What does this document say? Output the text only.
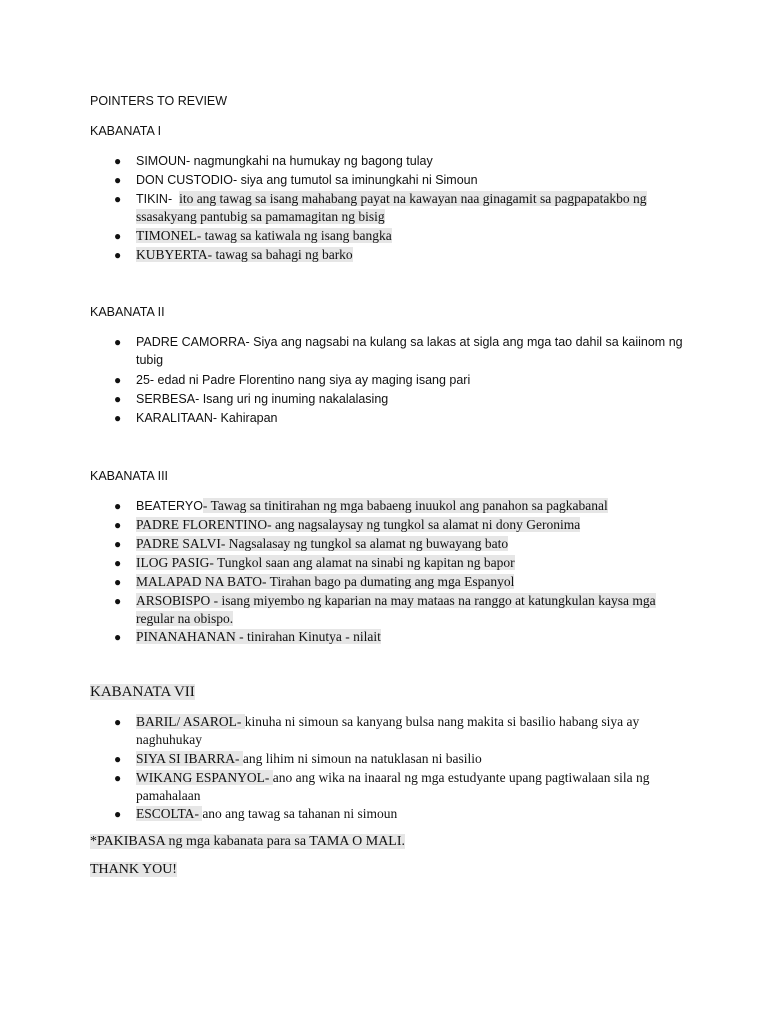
POINTERS TO REVIEW
KABANATA I
● SIMOUN- nagmungkahi na humukay ng bagong tulay
● DON CUSTODIO- siya ang tumutol sa iminungkahi ni Simoun
● TIKIN- ito ang tawag sa isang mahabang payat na kawayan naa ginagamit sa pagpapatakbo ng
ssasakyang pantubig sa pamamagitan ng bisig
● TIMONEL- tawag sa katiwala ng isang bangka
● KUBYERTA- tawag sa bahagi ng barko
KABANATA II
● PADRE CAMORRA- Siya ang nagsabi na kulang sa lakas at sigla ang mga tao dahil sa kaiinom ng
tubig
● 25- edad ni Padre Florentino nang siya ay maging isang pari
● SERBESA- Isang uri ng inuming nakalalasing
● KARALITAAN- Kahirapan
KABANATA III
● BEATERYO- Tawag sa tinitirahan ng mga babaeng inuukol ang panahon sa pagkabanal
● PADRE FLORENTINO- ang nagsalaysay ng tungkol sa alamat ni dony Geronima
● PADRE SALVI- Nagsalasay ng tungkol sa alamat ng buwayang bato
● ILOG PASIG- Tungkol saan ang alamat na sinabi ng kapitan ng bapor
● MALAPAD NA BATO- Tirahan bago pa dumating ang mga Espanyol
● ARSOBISPO - isang miyembo ng kaparian na may mataas na ranggo at katungkulan kaysa mga
regular na obispo.
● PINANAHANAN - tinirahan Kinutya - nilait
KABANATA VII
● BARIL/ ASAROL- kinuha ni simoun sa kanyang bulsa nang makita si basilio habang siya ay
naghuhukay
● SIYA SI IBARRA- ang lihim ni simoun na natuklasan ni basilio
● WIKANG ESPANYOL- ano ang wika na inaaral ng mga estudyante upang pagtiwalaan sila ng
pamahalaan
● ESCOLTA- ano ang tawag sa tahanan ni simoun
*PAKIBASA ng mga kabanata para sa TAMA O MALI.
THANK YOU!
